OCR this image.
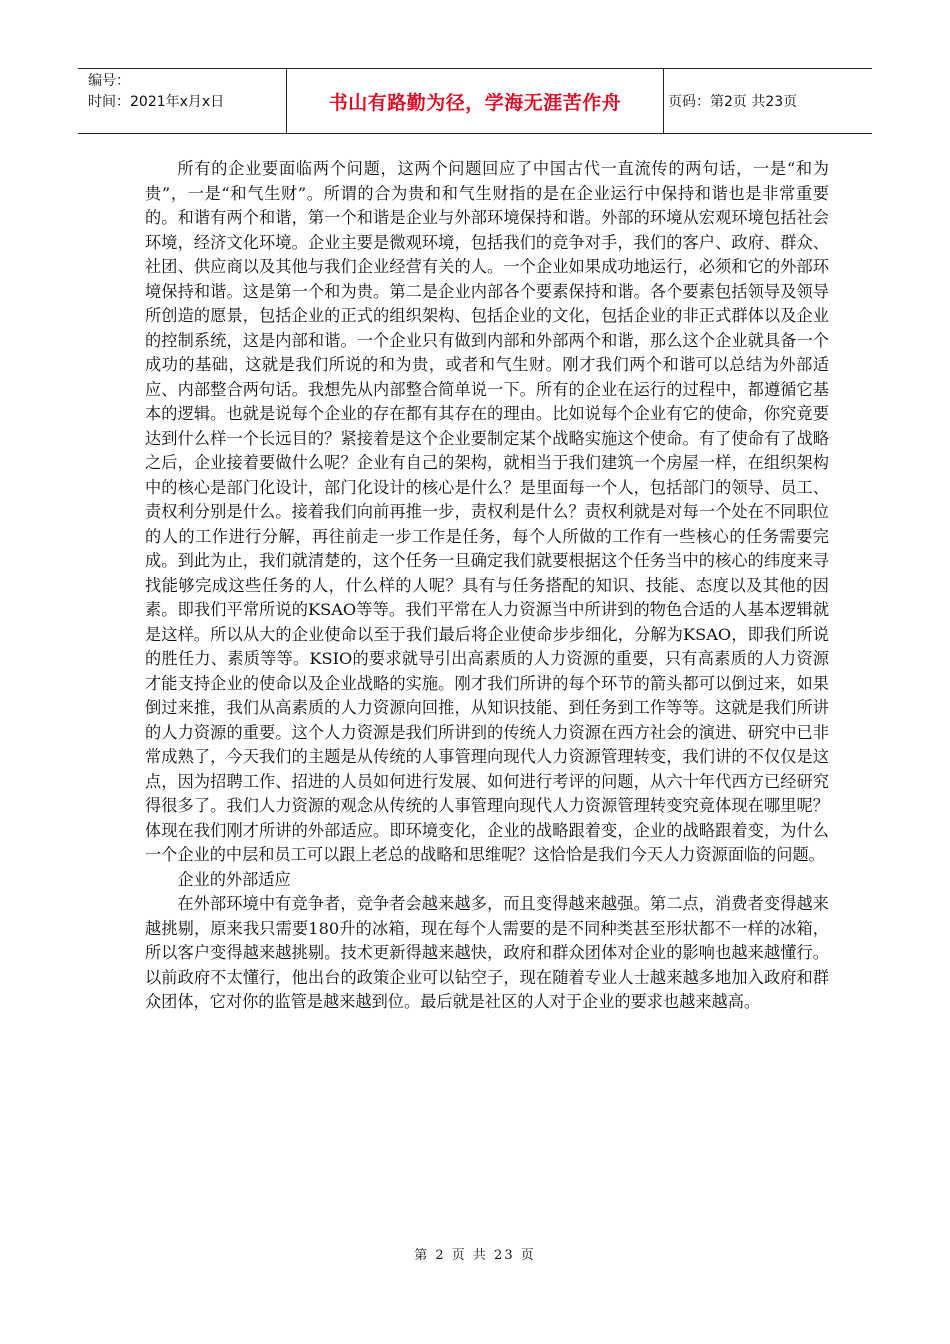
编号：
时间：2021年x月x日	书山有路勤为径，学海无涯苦作舟	页码：第2页 共23页

所有的企业要面临两个问题，这两个问题回应了中国古代一直流传的两句话，一是“和为贵”，一是“和气生财”。所谓的合为贵和和气生财指的是在企业运行中保持和谐也是非常重要的。和谐有两个和谐，第一个和谐是企业与外部环境保持和谐。外部的环境从宏观环境包括社会环境，经济文化环境。企业主要是微观环境，包括我们的竞争对手，我们的客户、政府、群众、社团、供应商以及其他与我们企业经营有关的人。一个企业如果成功地运行，必须和它的外部环境保持和谐。这是第一个和为贵。第二是企业内部各个要素保持和谐。各个要素包括领导及领导所创造的愿景，包括企业的正式的组织架构、包括企业的文化，包括企业的非正式群体以及企业的控制系统，这是内部和谐。一个企业只有做到内部和外部两个和谐，那么这个企业就具备一个成功的基础，这就是我们所说的和为贵，或者和气生财。刚才我们两个和谐可以总结为外部适应、内部整合两句话。我想先从内部整合简单说一下。所有的企业在运行的过程中，都遵循它基本的逻辑。也就是说每个企业的存在都有其存在的理由。比如说每个企业有它的使命，你究竟要达到什么样一个长远目的？紧接着是这个企业要制定某个战略实施这个使命。有了使命有了战略之后，企业接着要做什么呢？企业有自己的架构，就相当于我们建筑一个房屋一样，在组织架构中的核心是部门化设计，部门化设计的核心是什么？是里面每一个人，包括部门的领导、员工、责权利分别是什么。接着我们向前再推一步，责权利是什么？责权利就是对每一个处在不同职位的人的工作进行分解，再往前走一步工作是任务，每个人所做的工作有一些核心的任务需要完成。到此为止，我们就清楚的，这个任务一旦确定我们就要根据这个任务当中的核心的纬度来寻找能够完成这些任务的人，什么样的人呢？具有与任务搭配的知识、技能、态度以及其他的因素。即我们平常所说的KSAO等等。我们平常在人力资源当中所讲到的物色合适的人基本逻辑就是这样。所以从大的企业使命以至于我们最后将企业使命步步细化，分解为KSAO，即我们所说的胜任力、素质等等。KSIO的要求就导引出高素质的人力资源的重要，只有高素质的人力资源才能支持企业的使命以及企业战略的实施。刚才我们所讲的每个环节的箭头都可以倒过来，如果倒过来推，我们从高素质的人力资源向回推，从知识技能、到任务到工作等等。这就是我们所讲的人力资源的重要。这个人力资源是我们所讲到的传统人力资源在西方社会的演进、研究中已非常成熟了，今天我们的主题是从传统的人事管理向现代人力资源管理转变，我们讲的不仅仅是这点，因为招聘工作、招进的人员如何进行发展、如何进行考评的问题，从六十年代西方已经研究得很多了。我们人力资源的观念从传统的人事管理向现代人力资源管理转变究竟体现在哪里呢？体现在我们刚才所讲的外部适应。即环境变化，企业的战略跟着变，企业的战略跟着变，为什么一个企业的中层和员工可以跟上老总的战略和思维呢？这恰恰是我们今天人力资源面临的问题。

企业的外部适应

在外部环境中有竞争者，竞争者会越来越多，而且变得越来越强。第二点，消费者变得越来越挑剔，原来我只需要180升的冰箱，现在每个人需要的是不同种类甚至形状都不一样的冰箱，所以客户变得越来越挑剔。技术更新得越来越快，政府和群众团体对企业的影响也越来越懂行。以前政府不太懂行，他出台的政策企业可以钻空子，现在随着专业人士越来越多地加入政府和群众团体，它对你的监管是越来越到位。最后就是社区的人对于企业的要求也越来越高。

第 2 页 共 23 页
